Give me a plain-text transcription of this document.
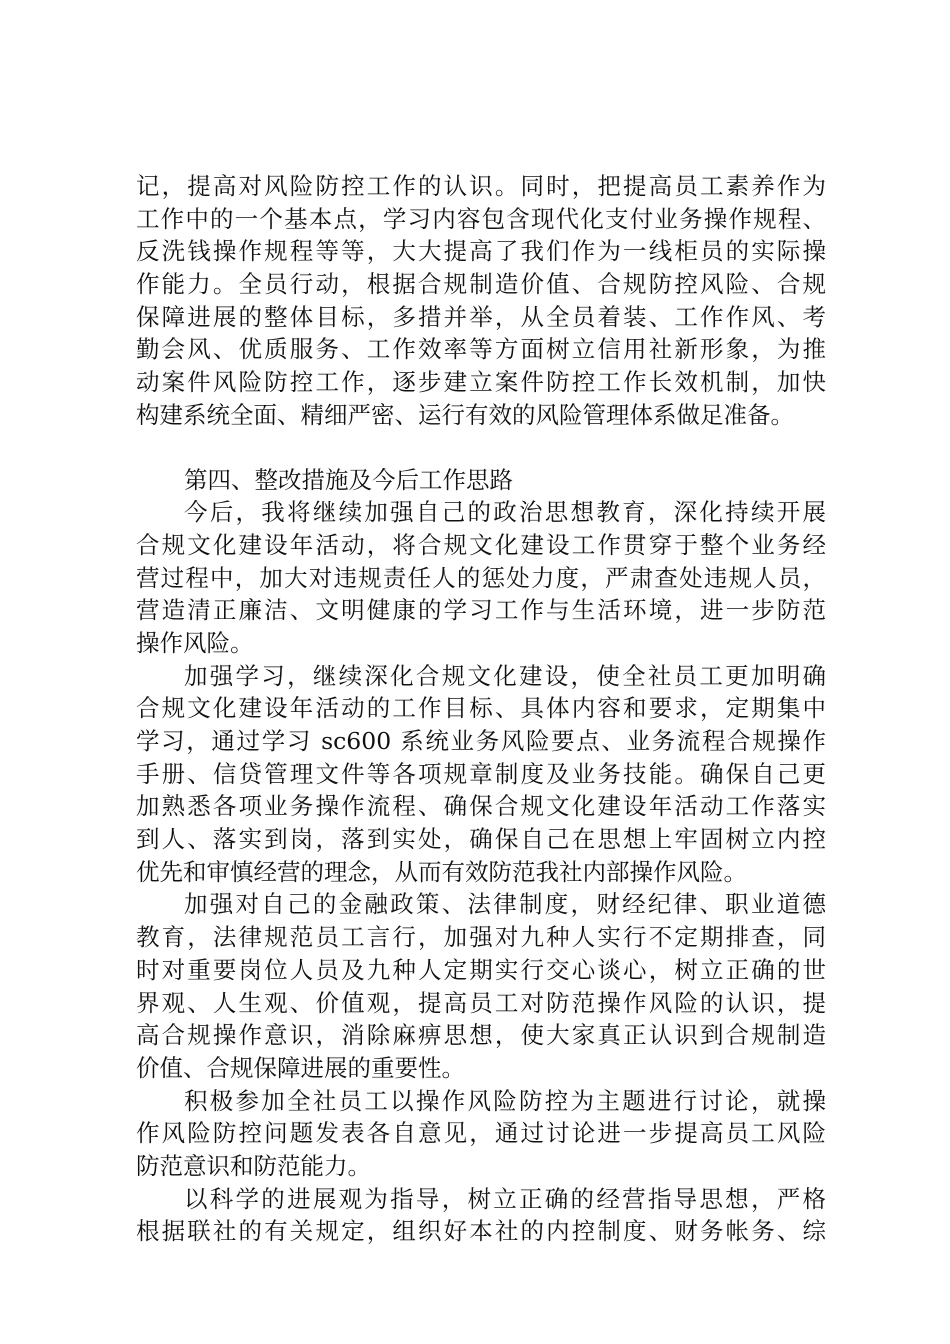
记，提高对风险防控工作的认识。同时，把提高员工素养作为
工作中的一个基本点，学习内容包含现代化支付业务操作规程、
反洗钱操作规程等等，大大提高了我们作为一线柜员的实际操
作能力。全员行动，根据合规制造价值、合规防控风险、合规
保障进展的整体目标，多措并举，从全员着装、工作作风、考
勤会风、优质服务、工作效率等方面树立信用社新形象，为推
动案件风险防控工作，逐步建立案件防控工作长效机制，加快
构建系统全面、精细严密、运行有效的风险管理体系做足准备。
第四、整改措施及今后工作思路
今后，我将继续加强自己的政治思想教育，深化持续开展
合规文化建设年活动，将合规文化建设工作贯穿于整个业务经
营过程中，加大对违规责任人的惩处力度，严肃查处违规人员，
营造清正廉洁、文明健康的学习工作与生活环境，进一步防范
操作风险。
加强学习，继续深化合规文化建设，使全社员工更加明确
合规文化建设年活动的工作目标、具体内容和要求，定期集中
学习，通过学习 sc600 系统业务风险要点、业务流程合规操作
手册、信贷管理文件等各项规章制度及业务技能。确保自己更
加熟悉各项业务操作流程、确保合规文化建设年活动工作落实
到人、落实到岗，落到实处，确保自己在思想上牢固树立内控
优先和审慎经营的理念，从而有效防范我社内部操作风险。
加强对自己的金融政策、法律制度，财经纪律、职业道德
教育，法律规范员工言行，加强对九种人实行不定期排查，同
时对重要岗位人员及九种人定期实行交心谈心，树立正确的世
界观、人生观、价值观，提高员工对防范操作风险的认识，提
高合规操作意识，消除麻痹思想，使大家真正认识到合规制造
价值、合规保障进展的重要性。
积极参加全社员工以操作风险防控为主题进行讨论，就操
作风险防控问题发表各自意见，通过讨论进一步提高员工风险
防范意识和防范能力。
以科学的进展观为指导，树立正确的经营指导思想，严格
根据联社的有关规定，组织好本社的内控制度、财务帐务、综
